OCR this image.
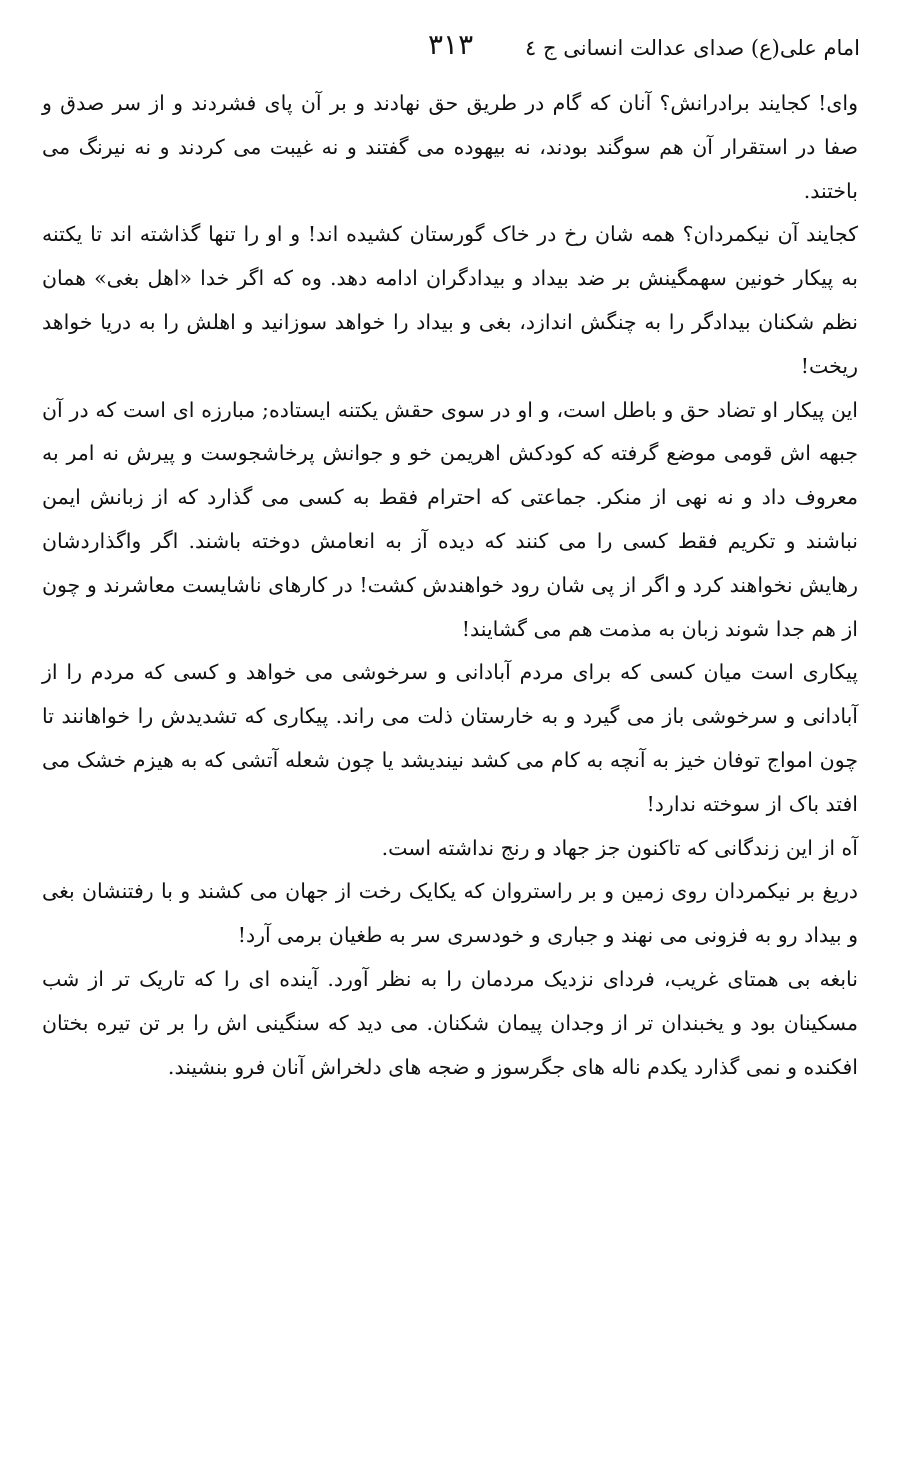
امام علی(ع) صدای عدالت انسانی ج ٤
۳۱۳

وای! کجایند برادرانش؟ آنان که گام در طریق حق نهادند و بر آن پای فشردند و از سر صدق و صفا در استقرار آن هم سوگند بودند، نه بیهوده می گفتند و نه غیبت می کردند و نه نیرنگ می باختند.

کجایند آن نیکمردان؟ همه شان رخ در خاک گورستان کشیده اند! و او را تنها گذاشته اند تا یکتنه به پیکار خونین سهمگینش بر ضد بیداد و بیدادگران ادامه دهد. وه که اگر خدا «اهل بغی» همان نظم شکنان بیدادگر را به چنگش اندازد، بغی و بیداد را خواهد سوزانید و اهلش را به دریا خواهد ریخت!

این پیکار او تضاد حق و باطل است، و او در سوی حقش یکتنه ایستاده; مبارزه ای است که در آن جبهه اش قومی موضع گرفته که کودکش اهریمن خو و جوانش پرخاشجوست و پیرش نه امر به معروف داد و نه نهی از منکر. جماعتی که احترام فقط به کسی می گذارد که از زبانش ایمن نباشند و تکریم فقط کسی را می کنند که دیده آز به انعامش دوخته باشند. اگر واگذاردشان رهایش نخواهند کرد و اگر از پی شان رود خواهندش کشت! در کارهای ناشایست معاشرند و چون از هم جدا شوند زبان به مذمت هم می گشایند!

پیکاری است میان کسی که برای مردم آبادانی و سرخوشی می خواهد و کسی که مردم را از آبادانی و سرخوشی باز می گیرد و به خارستان ذلت می راند. پیکاری که تشدیدش را خواهانند تا چون امواج توفان خیز به آنچه به کام می کشد نیندیشد یا چون شعله آتشی که به هیزم خشک می افتد باک از سوخته ندارد!

آه از این زندگانی که تاکنون جز جهاد و رنج نداشته است.

دریغ بر نیکمردان روی زمین و بر راستروان که یکایک رخت از جهان می کشند و با رفتنشان بغی و بیداد رو به فزونی می نهند و جباری و خودسری سر به طغیان برمی آرد!

نابغه بی همتای غریب، فردای نزدیک مردمان را به نظر آورد. آینده ای را که تاریک تر از شب مسکینان بود و یخبندان تر از وجدان پیمان شکنان. می دید که سنگینی اش را بر تن تیره بختان افکنده و نمی گذارد یکدم ناله های جگرسوز و ضجه های دلخراش آنان فرو بنشیند.
